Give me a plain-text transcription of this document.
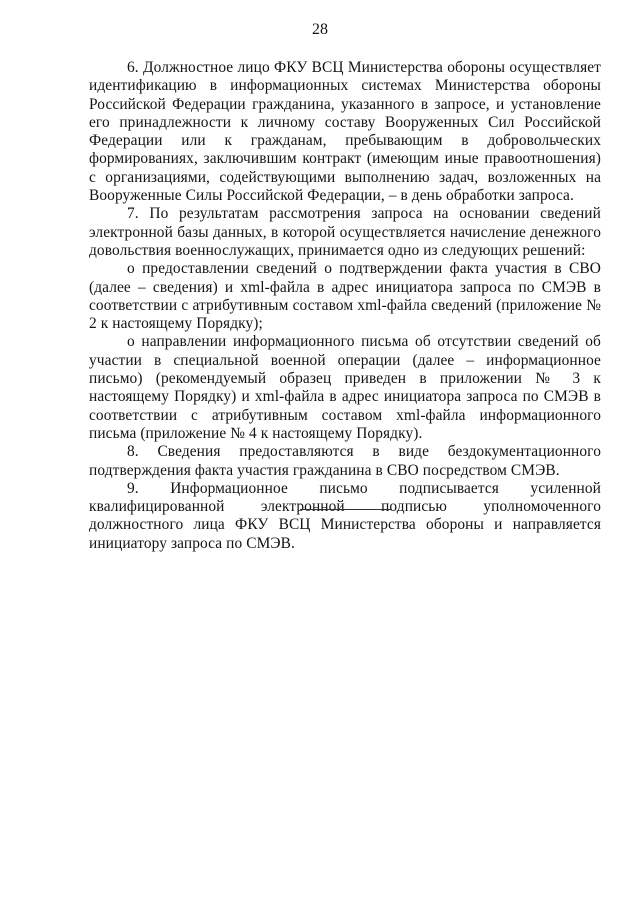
28

6. Должностное лицо ФКУ ВСЦ Министерства обороны осуществляет идентификацию в информационных системах Министерства обороны Российской Федерации гражданина, указанного в запросе, и установление его принадлежности к личному составу Вооруженных Сил Российской Федерации или к гражданам, пребывающим в добровольческих формированиях, заключившим контракт (имеющим иные правоотношения) с организациями, содействующими выполнению задач, возложенных на Вооруженные Силы Российской Федерации, – в день обработки запроса.

7. По результатам рассмотрения запроса на основании сведений электронной базы данных, в которой осуществляется начисление денежного довольствия военнослужащих, принимается одно из следующих решений:

о предоставлении сведений о подтверждении факта участия в СВО (далее – сведения) и xml-файла в адрес инициатора запроса по СМЭВ в соответствии с атрибутивным составом xml-файла сведений (приложение № 2 к настоящему Порядку);

о направлении информационного письма об отсутствии сведений об участии в специальной военной операции (далее – информационное письмо) (рекомендуемый образец приведен в приложении № 3 к настоящему Порядку) и xml-файла в адрес инициатора запроса по СМЭВ в соответствии с атрибутивным составом xml-файла информационного письма (приложение № 4 к настоящему Порядку).

8. Сведения предоставляются в виде бездокументационного подтверждения факта участия гражданина в СВО посредством СМЭВ.

9. Информационное письмо подписывается усиленной квалифицированной электронной подписью уполномоченного должностного лица ФКУ ВСЦ Министерства обороны и направляется инициатору запроса по СМЭВ.
